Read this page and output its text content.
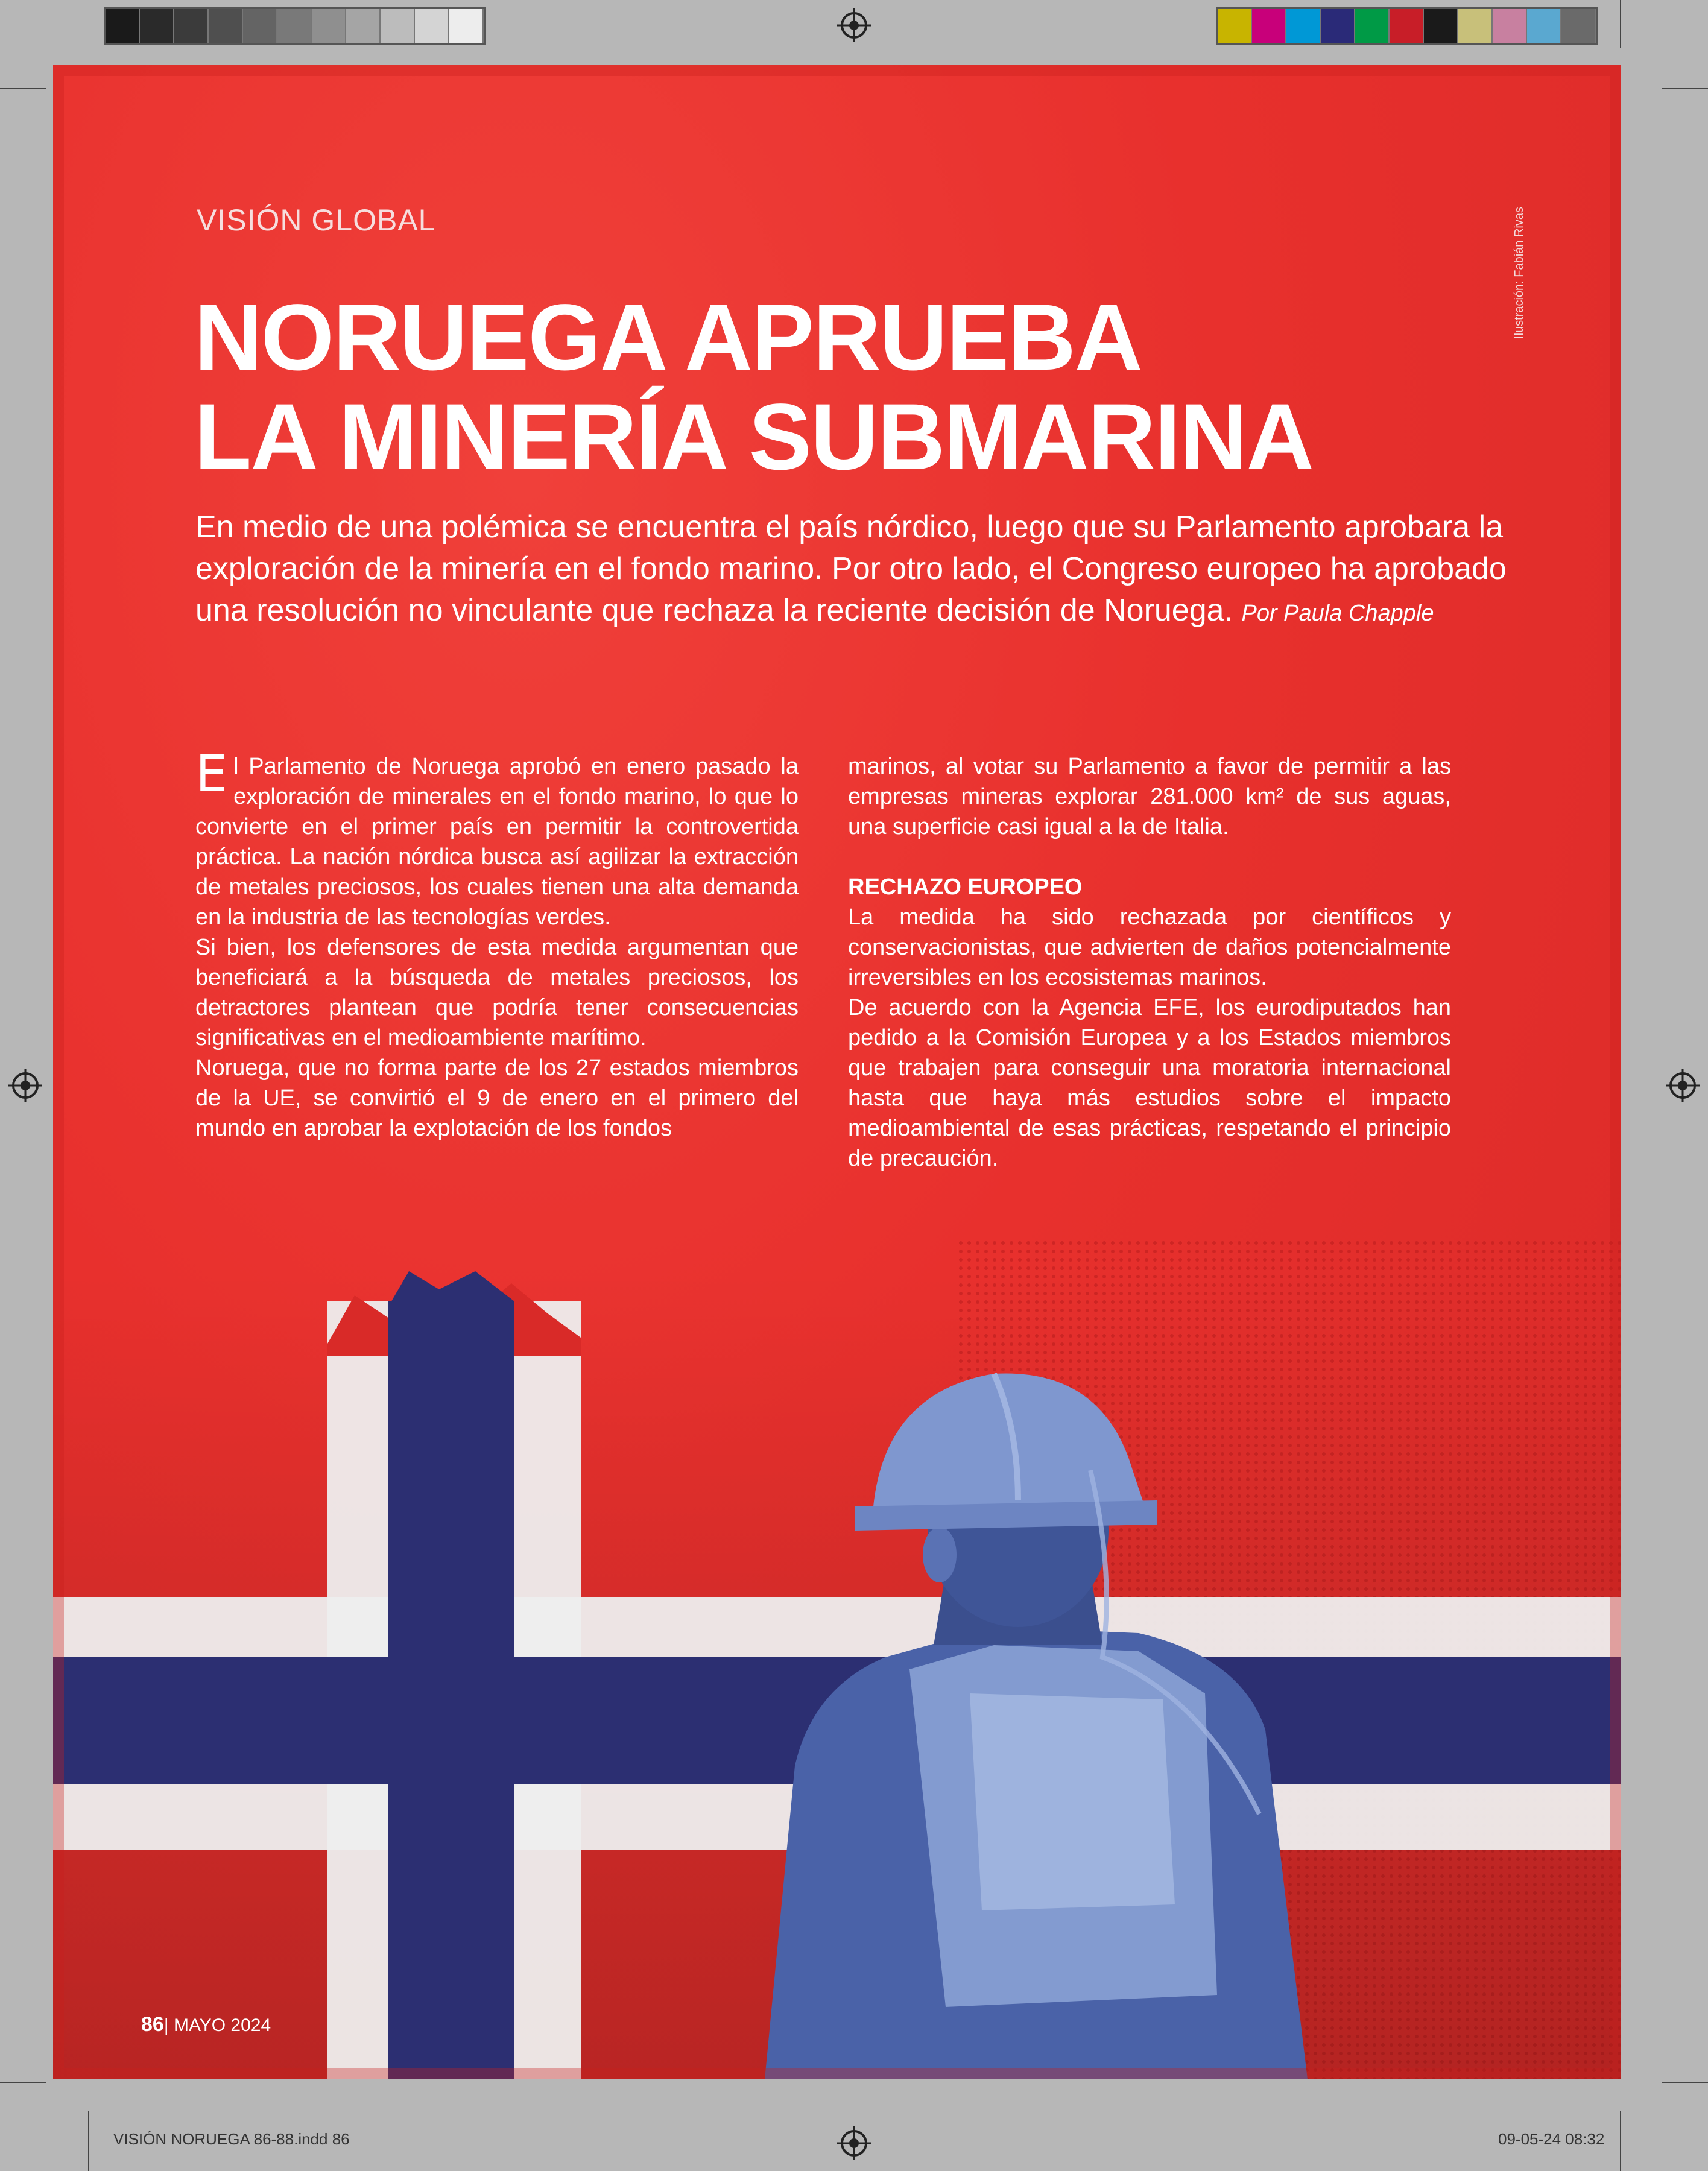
VISIÓN GLOBAL	Ilustración: Fabián Rivas
NORUEGA APRUEBA
LA MINERÍA SUBMARINA
En medio de una polémica se encuentra el país nórdico, luego que su Parlamento aprobara la exploración de la minería en el fondo marino. Por otro lado, el Congreso europeo ha aprobado una resolución no vinculante que rechaza la reciente decisión de Noruega. Por Paula Chapple

El Parlamento de Noruega aprobó en enero pasado la exploración de minerales en el fondo marino, lo que lo convierte en el primer país en permitir la controvertida práctica. La nación nórdica busca así agilizar la extracción de metales preciosos, los cuales tienen una alta demanda en la industria de las tecnologías verdes.

Si bien, los defensores de esta medida argumentan que beneficiará a la búsqueda de metales preciosos, los detractores plantean que podría tener consecuencias significativas en el medioambiente marítimo.

Noruega, que no forma parte de los 27 estados miembros de la UE, se convirtió el 9 de enero en el primero del mundo en aprobar la explotación de los fondos

marinos, al votar su Parlamento a favor de permitir a las empresas mineras explorar 281.000 km² de sus aguas, una superficie casi igual a la de Italia.

RECHAZO EUROPEO

La medida ha sido rechazada por científicos y conservacionistas, que advierten de daños potencialmente irreversibles en los ecosistemas marinos.

De acuerdo con la Agencia EFE, los eurodiputados han pedido a la Comisión Europea y a los Estados miembros que trabajen para conseguir una moratoria internacional hasta que haya más estudios sobre el impacto medioambiental de esas prácticas, respetando el principio de precaución.

86| MAYO 2024
VISIÓN NORUEGA 86-88.indd 86	09-05-24 08:32
